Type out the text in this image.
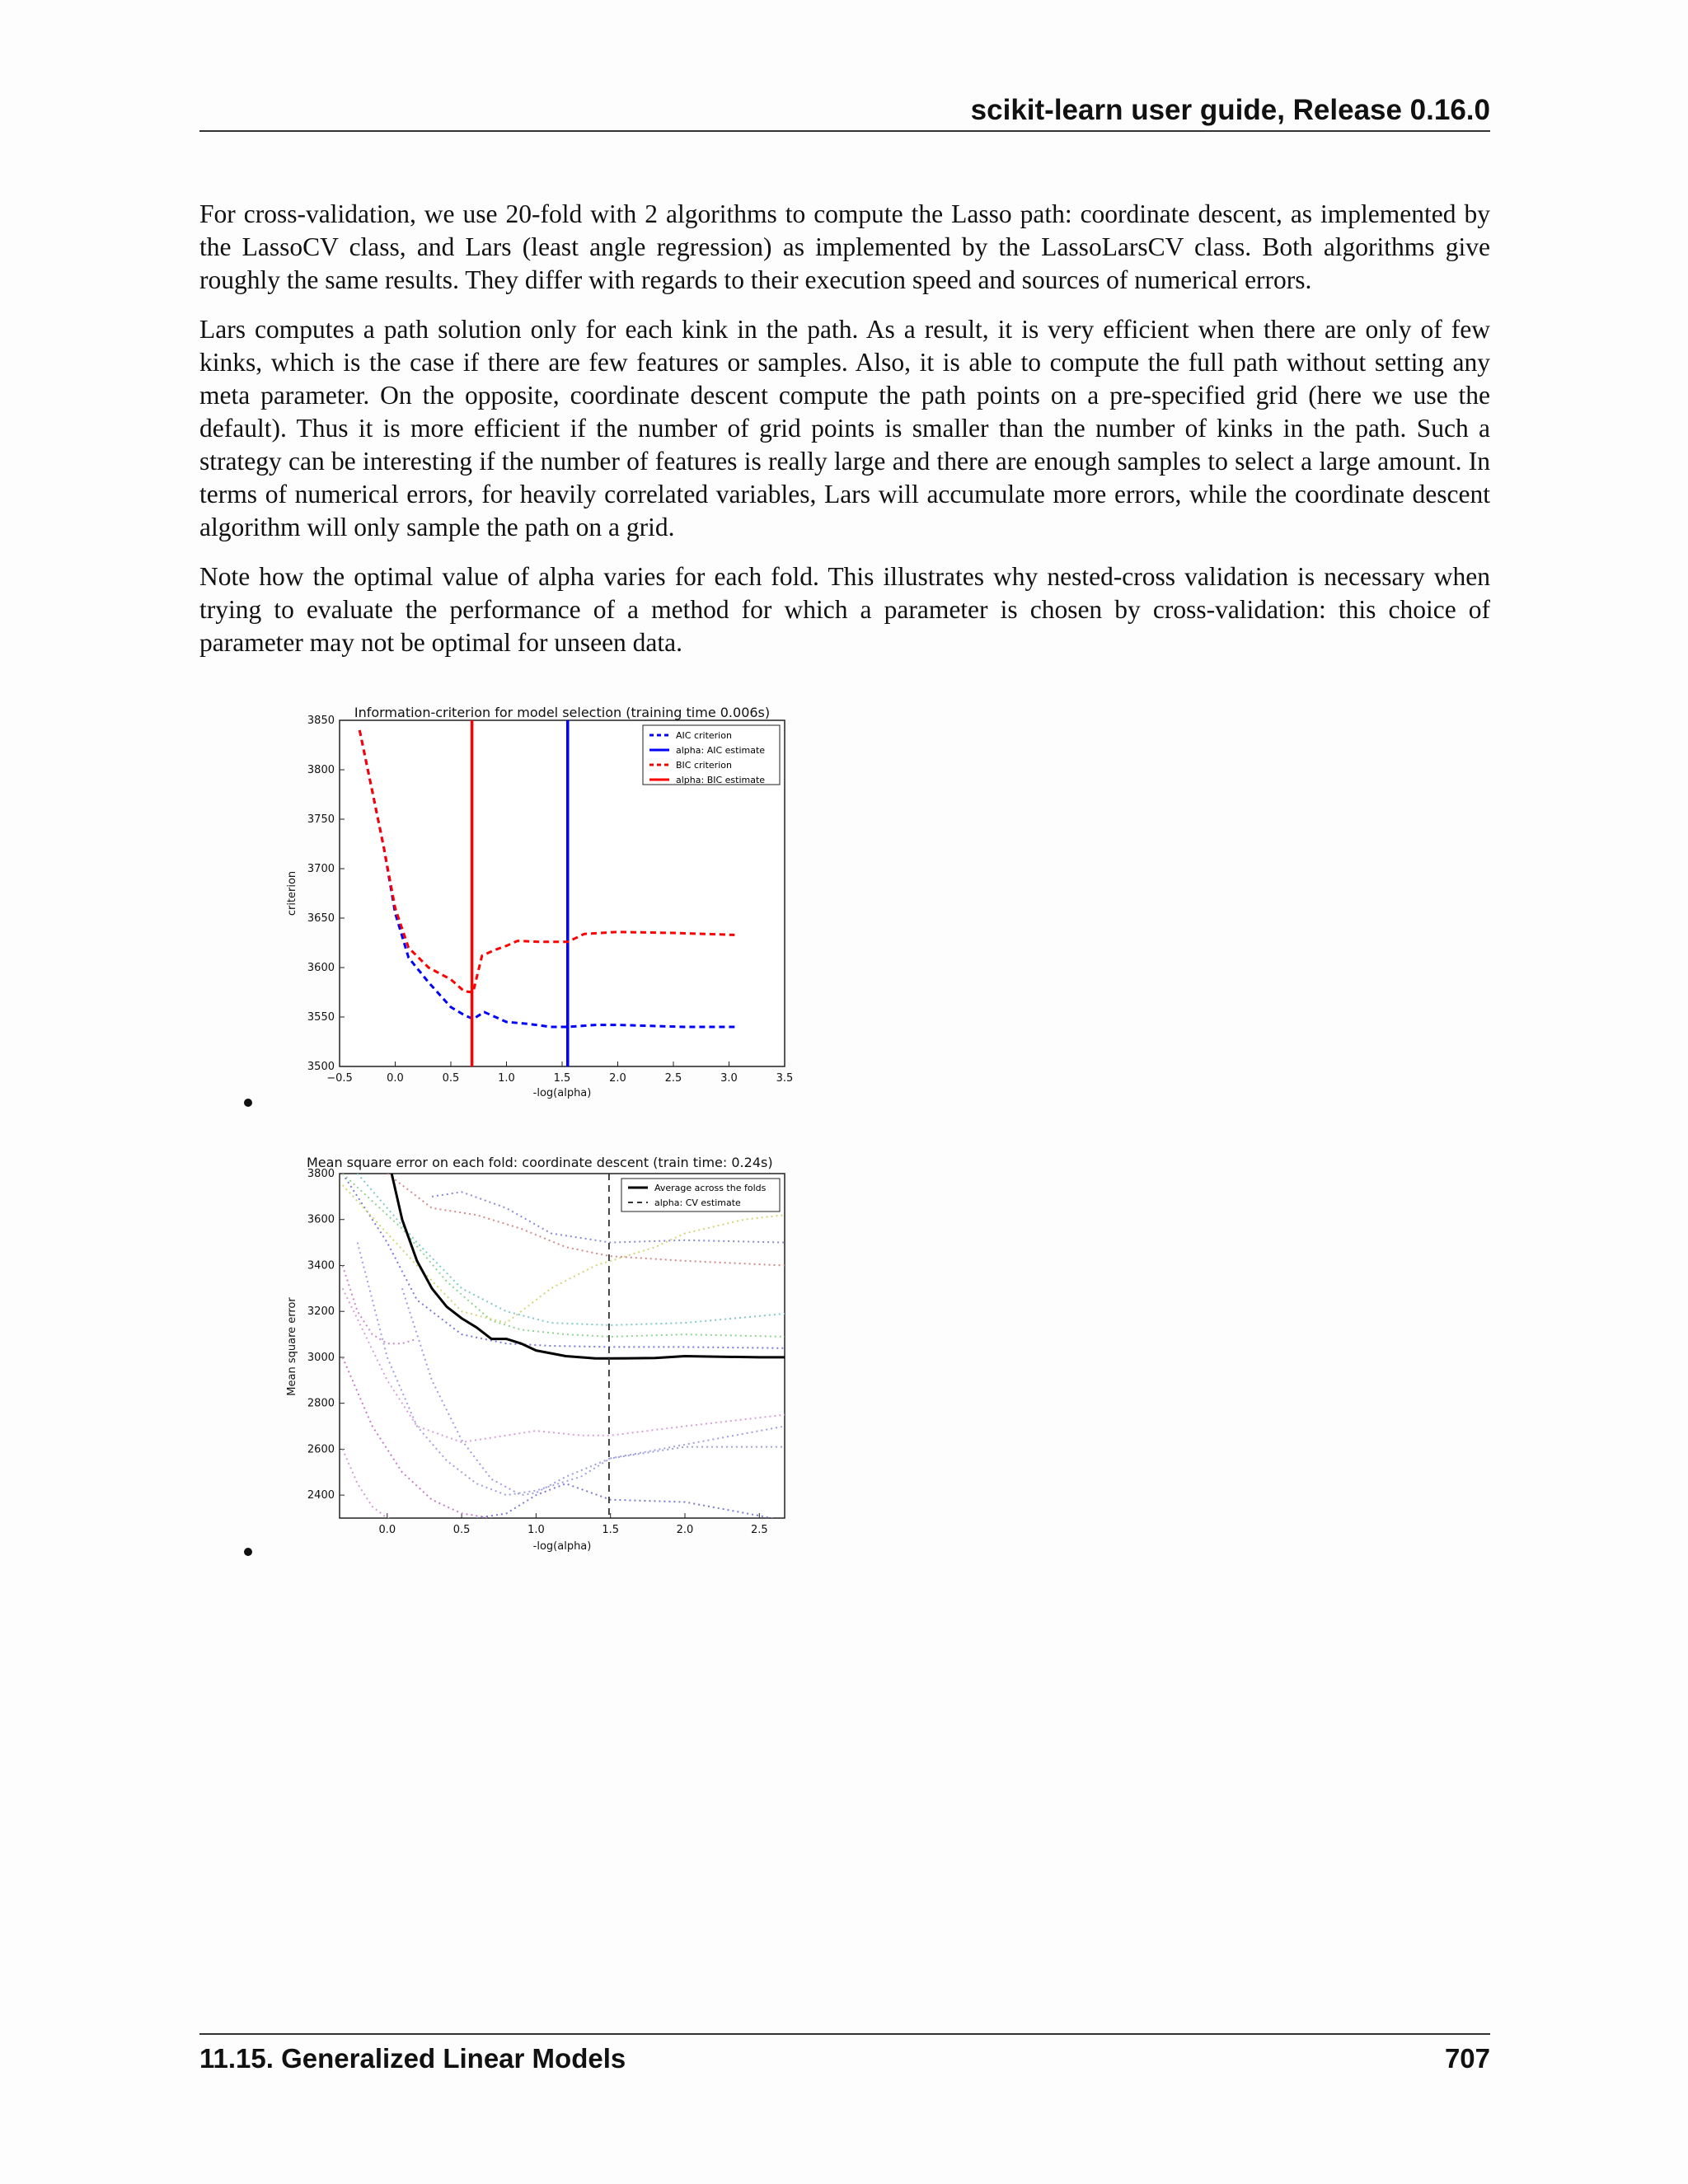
scikit-learn user guide, Release 0.16.0

For cross-validation, we use 20-fold with 2 algorithms to compute the Lasso path: coordinate descent, as implemented by the LassoCV class, and Lars (least angle regression) as implemented by the LassoLarsCV class. Both algorithms give roughly the same results. They differ with regards to their execution speed and sources of numerical errors.

Lars computes a path solution only for each kink in the path. As a result, it is very efficient when there are only of few kinks, which is the case if there are few features or samples. Also, it is able to compute the full path without setting any meta parameter. On the opposite, coordinate descent compute the path points on a pre-specified grid (here we use the default). Thus it is more efficient if the number of grid points is smaller than the number of kinks in the path. Such a strategy can be interesting if the number of features is really large and there are enough samples to select a large amount. In terms of numerical errors, for heavily correlated variables, Lars will accumulate more errors, while the coordinate descent algorithm will only sample the path on a grid.

Note how the optimal value of alpha varies for each fold. This illustrates why nested-cross validation is necessary when trying to evaluate the performance of a method for which a parameter is chosen by cross-validation: this choice of parameter may not be optimal for unseen data.

−0.5	0.0	0.5	1.0	1.5	2.0	2.5	3.0	3.5
3500
3550
3600
3650
3700
3750
3800
3850
Information-criterion for model selection (training time 0.006s)
-log(alpha)
criterion
AIC criterion
alpha: AIC estimate
BIC criterion
alpha: BIC estimate
0.0	0.5	1.0	1.5	2.0	2.5
2400
2600
2800
3000
3200
3400
3600
3800
Mean square error on each fold: coordinate descent (train time: 0.24s)
-log(alpha)
Mean square error
Average across the folds
alpha: CV estimate
11.15. Generalized Linear Models	707
